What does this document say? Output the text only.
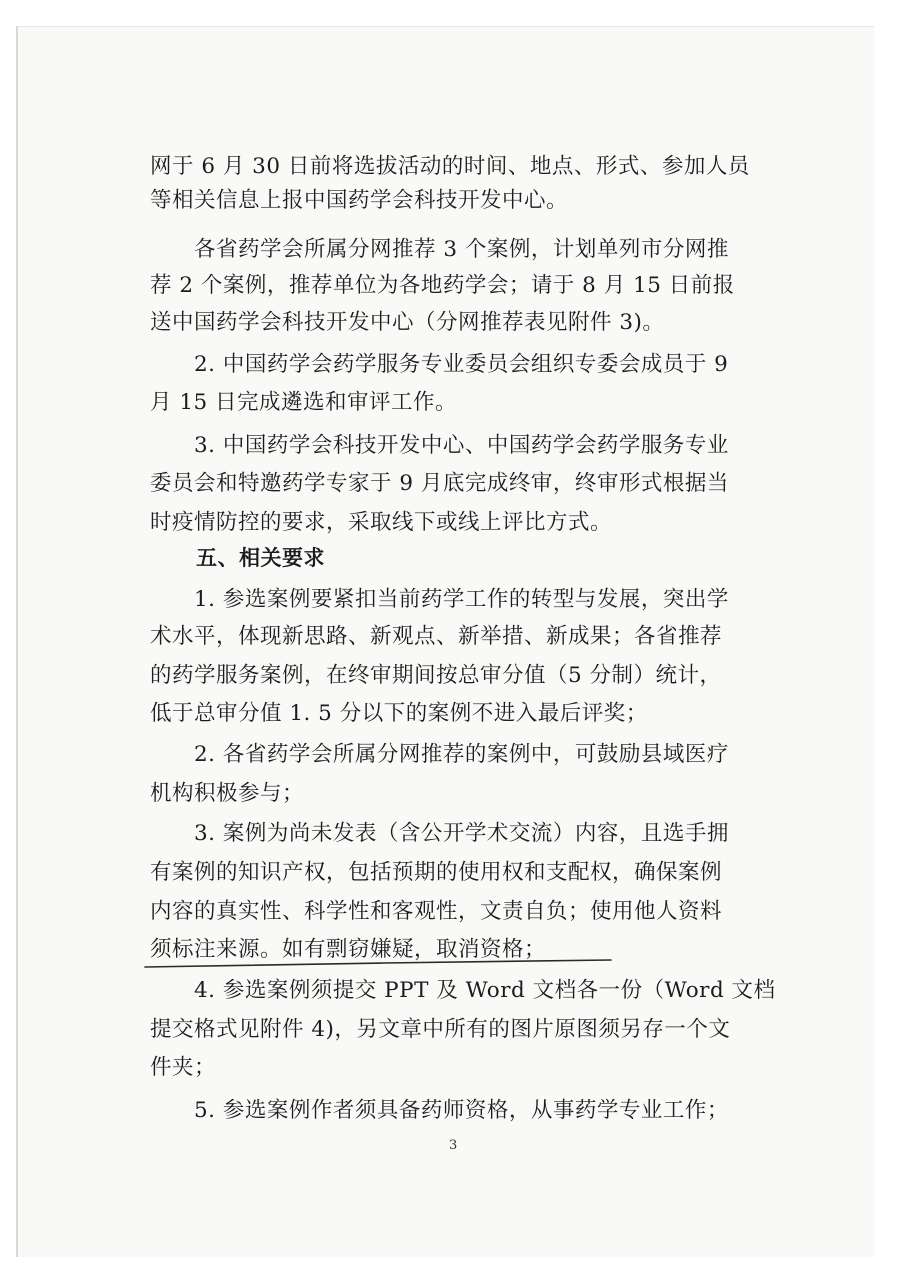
网于 6 月 30 日前将选拔活动的时间、地点、形式、参加人员
等相关信息上报中国药学会科技开发中心。
各省药学会所属分网推荐 3 个案例，计划单列市分网推
荐 2 个案例，推荐单位为各地药学会；请于 8 月 15 日前报
送中国药学会科技开发中心（分网推荐表见附件 3)。
2. 中国药学会药学服务专业委员会组织专委会成员于 9
月 15 日完成遴选和审评工作。
3. 中国药学会科技开发中心、中国药学会药学服务专业
委员会和特邀药学专家于 9 月底完成终审，终审形式根据当
时疫情防控的要求，采取线下或线上评比方式。
五、相关要求
1. 参选案例要紧扣当前药学工作的转型与发展，突出学
术水平，体现新思路、新观点、新举措、新成果；各省推荐
的药学服务案例，在终审期间按总审分值（5 分制）统计，
低于总审分值 1. 5 分以下的案例不进入最后评奖；
2. 各省药学会所属分网推荐的案例中，可鼓励县域医疗
机构积极参与；
3. 案例为尚未发表（含公开学术交流）内容，且选手拥
有案例的知识产权，包括预期的使用权和支配权，确保案例
内容的真实性、科学性和客观性，文责自负；使用他人资料
须标注来源。如有剽窃嫌疑，取消资格；
4. 参选案例须提交 PPT 及 Word 文档各一份（Word 文档
提交格式见附件 4)，另文章中所有的图片原图须另存一个文
件夹；
5. 参选案例作者须具备药师资格，从事药学专业工作；
3
